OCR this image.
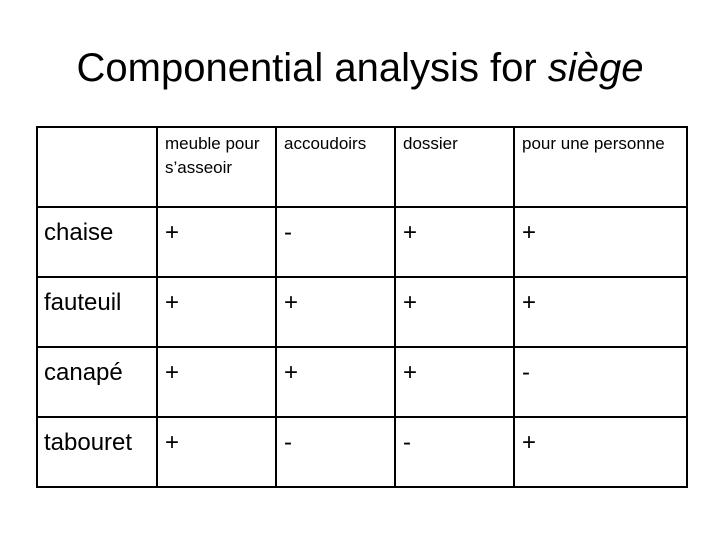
Componential analysis for siège
	meuble pour s’asseoir	accoudoirs	dossier	pour une personne
chaise	+	-	+	+
fauteuil	+	+	+	+
canapé	+	+	+	-
tabouret	+	-	-	+
